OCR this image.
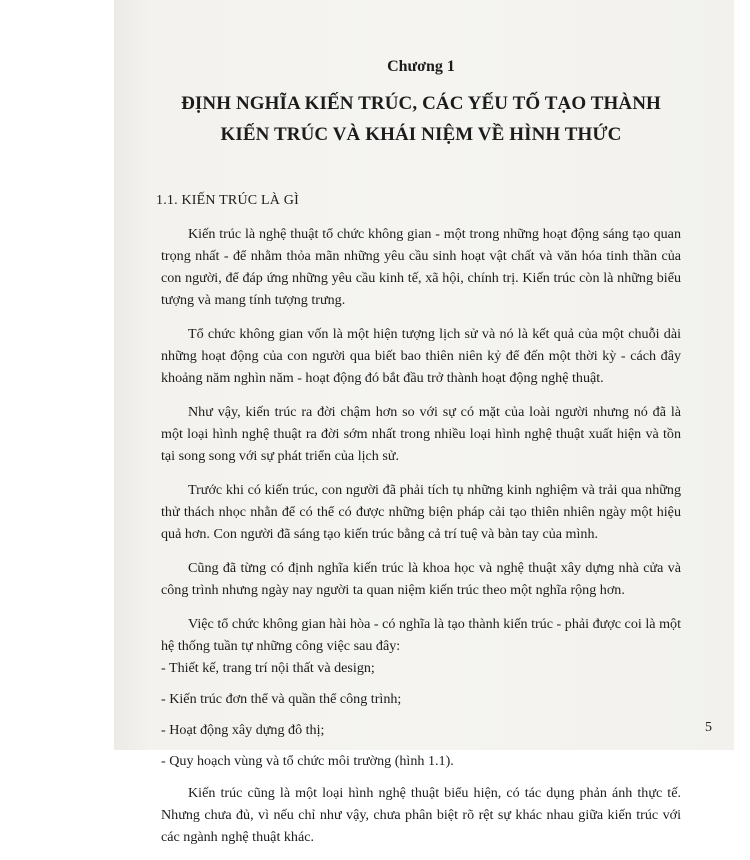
Chương 1
ĐỊNH NGHĨA KIẾN TRÚC, CÁC YẾU TỐ TẠO THÀNH
KIẾN TRÚC VÀ KHÁI NIỆM VỀ HÌNH THỨC
1.1. KIẾN TRÚC LÀ GÌ

Kiến trúc là nghệ thuật tổ chức không gian - một trong những hoạt động sáng tạo quan trọng nhất - để nhằm thỏa mãn những yêu cầu sinh hoạt vật chất và văn hóa tinh thần của con người, để đáp ứng những yêu cầu kinh tế, xã hội, chính trị. Kiến trúc còn là những biểu tượng và mang tính tượng trưng.

Tổ chức không gian vốn là một hiện tượng lịch sử và nó là kết quả của một chuỗi dài những hoạt động của con người qua biết bao thiên niên kỷ để đến một thời kỳ - cách đây khoảng năm nghìn năm - hoạt động đó bắt đầu trở thành hoạt động nghệ thuật.

Như vậy, kiến trúc ra đời chậm hơn so với sự có mặt của loài người nhưng nó đã là một loại hình nghệ thuật ra đời sớm nhất trong nhiều loại hình nghệ thuật xuất hiện và tồn tại song song với sự phát triển của lịch sử.

Trước khi có kiến trúc, con người đã phải tích tụ những kinh nghiệm và trải qua những thử thách nhọc nhằn để có thể có được những biện pháp cải tạo thiên nhiên ngày một hiệu quả hơn. Con người đã sáng tạo kiến trúc bằng cả trí tuệ và bàn tay của mình.

Cũng đã từng có định nghĩa kiến trúc là khoa học và nghệ thuật xây dựng nhà cửa và công trình nhưng ngày nay người ta quan niệm kiến trúc theo một nghĩa rộng hơn.

Việc tổ chức không gian hài hòa - có nghĩa là tạo thành kiến trúc - phải được coi là một hệ thống tuần tự những công việc sau đây:

- Thiết kế, trang trí nội thất và design;
- Kiến trúc đơn thể và quần thể công trình;
- Hoạt động xây dựng đô thị;
- Quy hoạch vùng và tổ chức môi trường (hình 1.1).

Kiến trúc cũng là một loại hình nghệ thuật biểu hiện, có tác dụng phản ánh thực tế. Nhưng chưa đủ, vì nếu chỉ như vậy, chưa phân biệt rõ rệt sự khác nhau giữa kiến trúc với các ngành nghệ thuật khác.

5
